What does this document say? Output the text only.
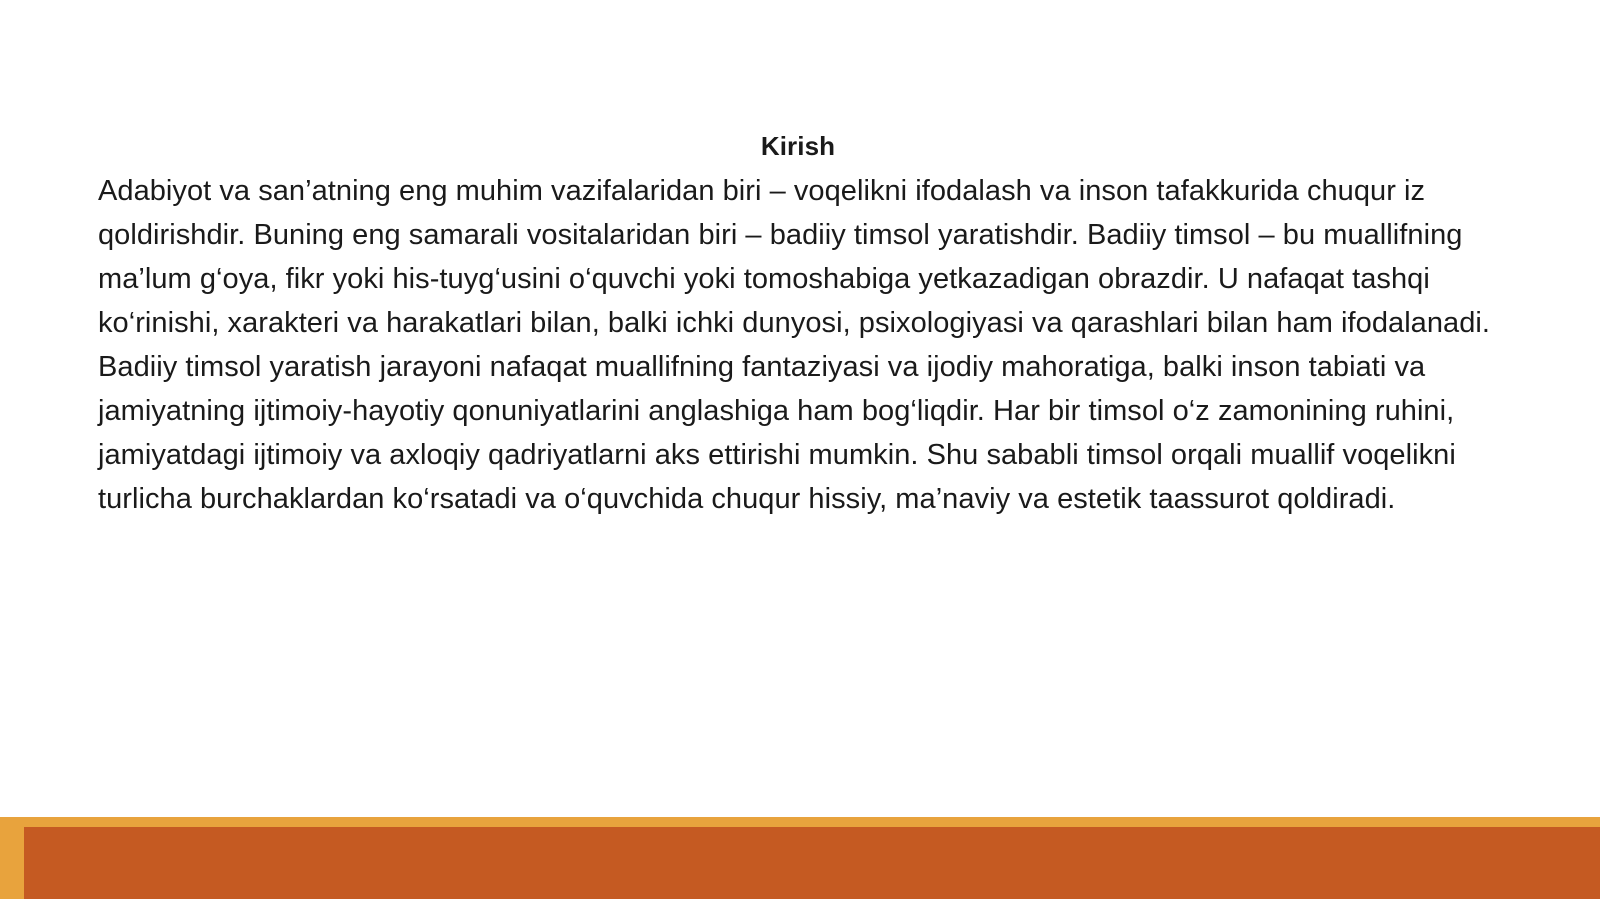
Kirish

Adabiyot va san’atning eng muhim vazifalaridan biri – voqelikni ifodalash va inson tafakkurida chuqur iz qoldirishdir. Buning eng samarali vositalaridan biri – badiiy timsol yaratishdir. Badiiy timsol – bu muallifning ma’lum g‘oya, fikr yoki his-tuyg‘usini o‘quvchi yoki tomoshabiga yetkazadigan obrazdir. U nafaqat tashqi ko‘rinishi, xarakteri va harakatlari bilan, balki ichki dunyosi, psixologiyasi va qarashlari bilan ham ifodalanadi.

Badiiy timsol yaratish jarayoni nafaqat muallifning fantaziyasi va ijodiy mahoratiga, balki inson tabiati va jamiyatning ijtimoiy-hayotiy qonuniyatlarini anglashiga ham bog‘liqdir. Har bir timsol o‘z zamonining ruhini, jamiyatdagi ijtimoiy va axloqiy qadriyatlarni aks ettirishi mumkin. Shu sababli timsol orqali muallif voqelikni turlicha burchaklardan ko‘rsatadi va o‘quvchida chuqur hissiy, ma’naviy va estetik taassurot qoldiradi.
